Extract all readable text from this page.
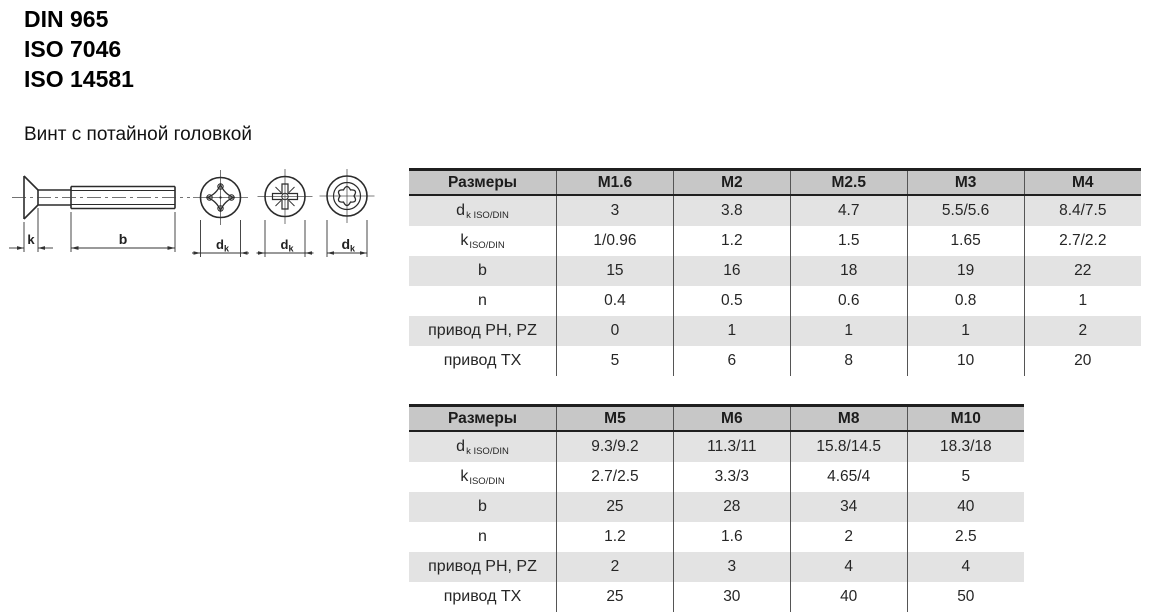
DIN 965
ISO 7046
ISO 14581
Винт с потайной головкой
k	b	d k	d k	d k
Размеры	M1.6	M2	M2.5	M3	M4
dk ISO/DIN	3	3.8	4.7	5.5/5.6	8.4/7.5
kISO/DIN	1/0.96	1.2	1.5	1.65	2.7/2.2
b	15	16	18	19	22
n	0.4	0.5	0.6	0.8	1
привод PH, PZ	0	1	1	1	2
привод TX	5	6	8	10	20
Размеры	M5	M6	M8	M10
dk ISO/DIN	9.3/9.2	11.3/11	15.8/14.5	18.3/18
kISO/DIN	2.7/2.5	3.3/3	4.65/4	5
b	25	28	34	40
n	1.2	1.6	2	2.5
привод PH, PZ	2	3	4	4
привод TX	25	30	40	50
